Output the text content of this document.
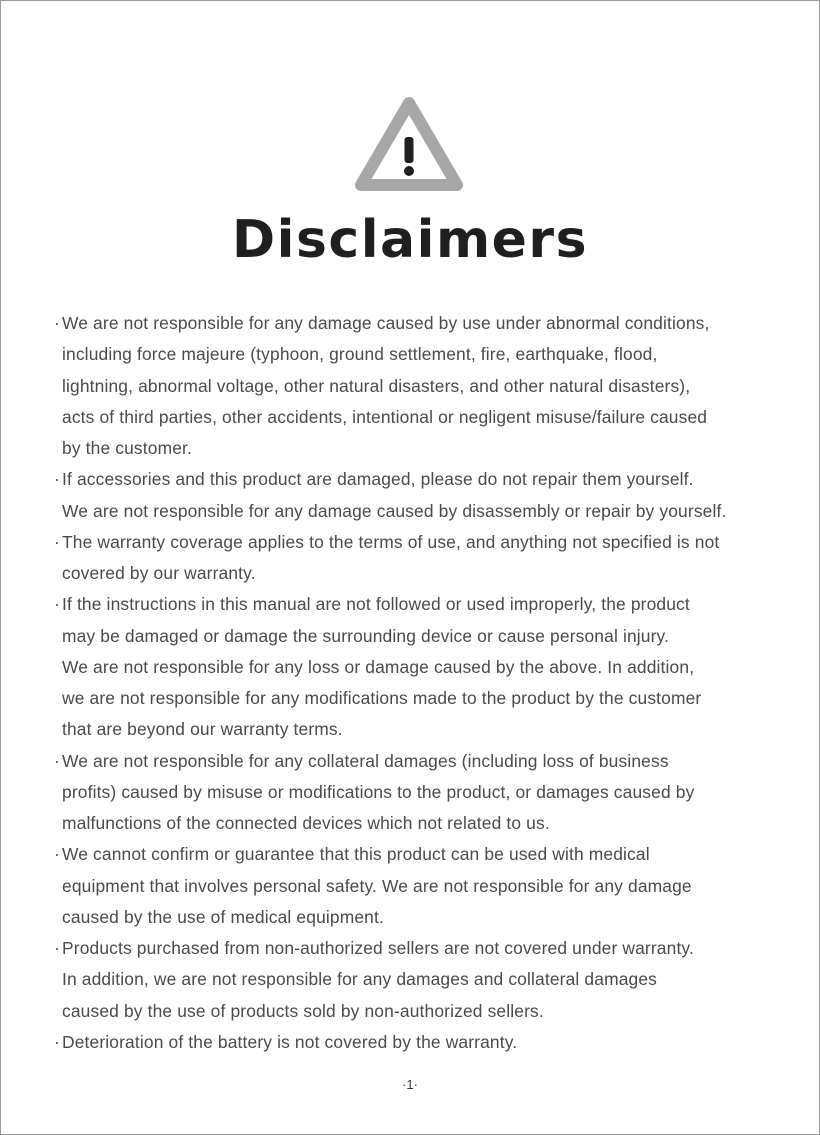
Disclaimers
· We are not responsible for any damage caused by use under abnormal conditions,
including force majeure (typhoon, ground settlement, fire, earthquake, flood,
lightning, abnormal voltage, other natural disasters, and other natural disasters),
acts of third parties, other accidents, intentional or negligent misuse/failure caused
by the customer.
· If accessories and this product are damaged, please do not repair them yourself.
We are not responsible for any damage caused by disassembly or repair by yourself.
· The warranty coverage applies to the terms of use, and anything not specified is not
covered by our warranty.
· If the instructions in this manual are not followed or used improperly, the product
may be damaged or damage the surrounding device or cause personal injury.
We are not responsible for any loss or damage caused by the above. In addition,
we are not responsible for any modifications made to the product by the customer
that are beyond our warranty terms.
· We are not responsible for any collateral damages (including loss of business
profits) caused by misuse or modifications to the product, or damages caused by
malfunctions of the connected devices which not related to us.
· We cannot confirm or guarantee that this product can be used with medical
equipment that involves personal safety. We are not responsible for any damage
caused by the use of medical equipment.
· Products purchased from non-authorized sellers are not covered under warranty.
In addition, we are not responsible for any damages and collateral damages
caused by the use of products sold by non-authorized sellers.
· Deterioration of the battery is not covered by the warranty.
·1·
